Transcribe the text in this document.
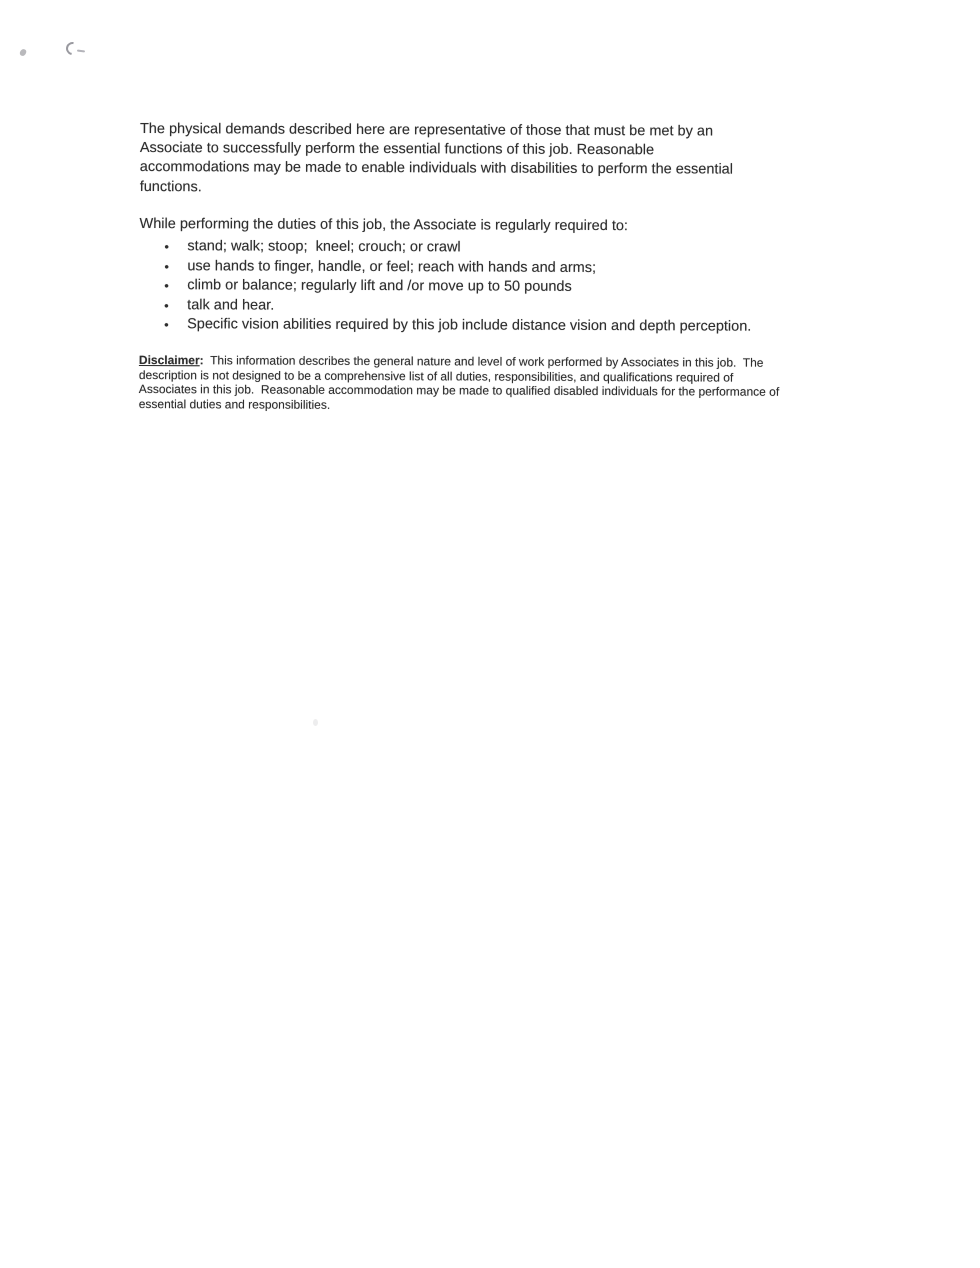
The physical demands described here are representative of those that must be met by an
Associate to successfully perform the essential functions of this job. Reasonable
accommodations may be made to enable individuals with disabilities to perform the essential
functions.
While performing the duties of this job, the Associate is regularly required to:
•	stand; walk; stoop;  kneel; crouch; or crawl
•	use hands to finger, handle, or feel; reach with hands and arms;
•	climb or balance; regularly lift and /or move up to 50 pounds
•	talk and hear.
•	Specific vision abilities required by this job include distance vision and depth perception.
Disclaimer:  This information describes the general nature and level of work performed by Associates in this job.  The
description is not designed to be a comprehensive list of all duties, responsibilities, and qualifications required of
Associates in this job.  Reasonable accommodation may be made to qualified disabled individuals for the performance of
essential duties and responsibilities.
